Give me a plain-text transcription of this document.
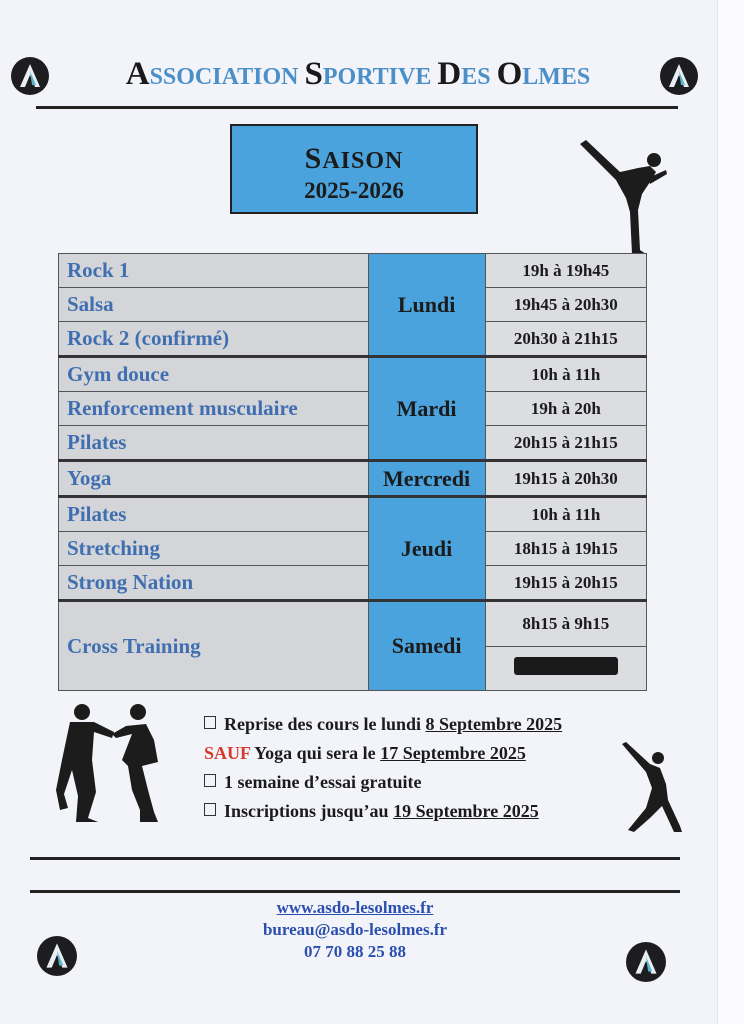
ASSOCIATION SPORTIVE DES OLMES
SAISON
2025-2026
Rock 1	Lundi	19h à 19h45
Salsa		19h45 à 20h30
Rock 2 (confirmé)		20h30 à 21h15
Gym douce	Mardi	10h à 11h
Renforcement musculaire		19h à 20h
Pilates		20h15 à 21h15
Yoga	Mercredi	19h15 à 20h30
Pilates	Jeudi	10h à 11h
Stretching		18h15 à 19h15
Strong Nation		19h15 à 20h15
Cross Training	Samedi	8h15 à 9h15

Reprise des cours le lundi 8 Septembre 2025
SAUF Yoga qui sera le 17 Septembre 2025
1 semaine d’essai gratuite
Inscriptions jusqu’au 19 Septembre 2025
www.asdo-lesolmes.fr
bureau@asdo-lesolmes.fr
07 70 88 25 88
